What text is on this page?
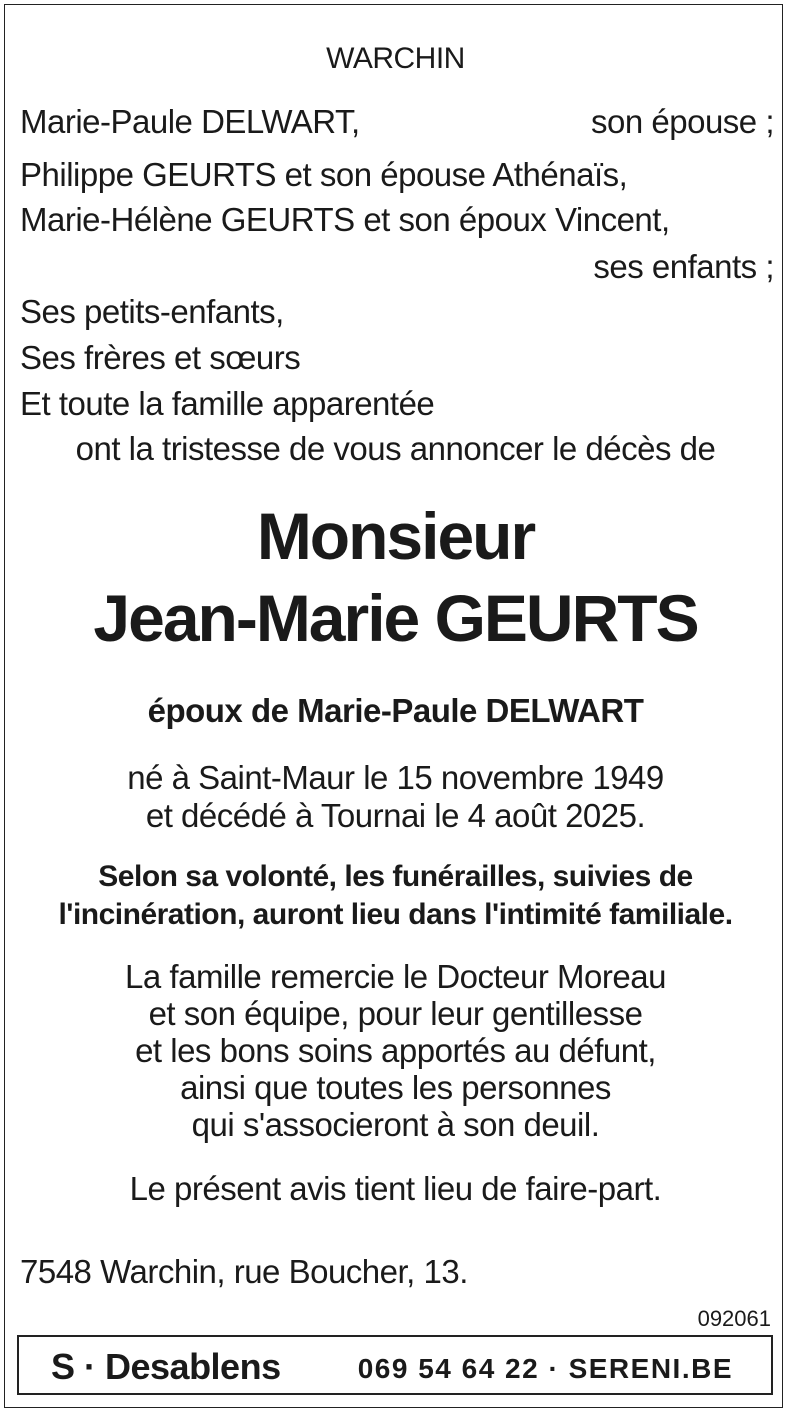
WARCHIN
Marie-Paule DELWART,	son épouse ;
Philippe GEURTS et son épouse Athénaïs,
Marie-Hélène GEURTS et son époux Vincent,
ses enfants ;
Ses petits-enfants,
Ses frères et sœurs
Et toute la famille apparentée
ont la tristesse de vous annoncer le décès de
Monsieur
Jean-Marie GEURTS
époux de Marie-Paule DELWART
né à Saint-Maur le 15 novembre 1949
et décédé à Tournai le 4 août 2025.
Selon sa volonté, les funérailles, suivies de
l'incinération, auront lieu dans l'intimité familiale.
La famille remercie le Docteur Moreau
et son équipe, pour leur gentillesse
et les bons soins apportés au défunt,
ainsi que toutes les personnes
qui s'associeront à son deuil.
Le présent avis tient lieu de faire-part.
7548 Warchin, rue Boucher, 13.
092061
S · Desablens	069 54 64 22 · SERENI.BE
